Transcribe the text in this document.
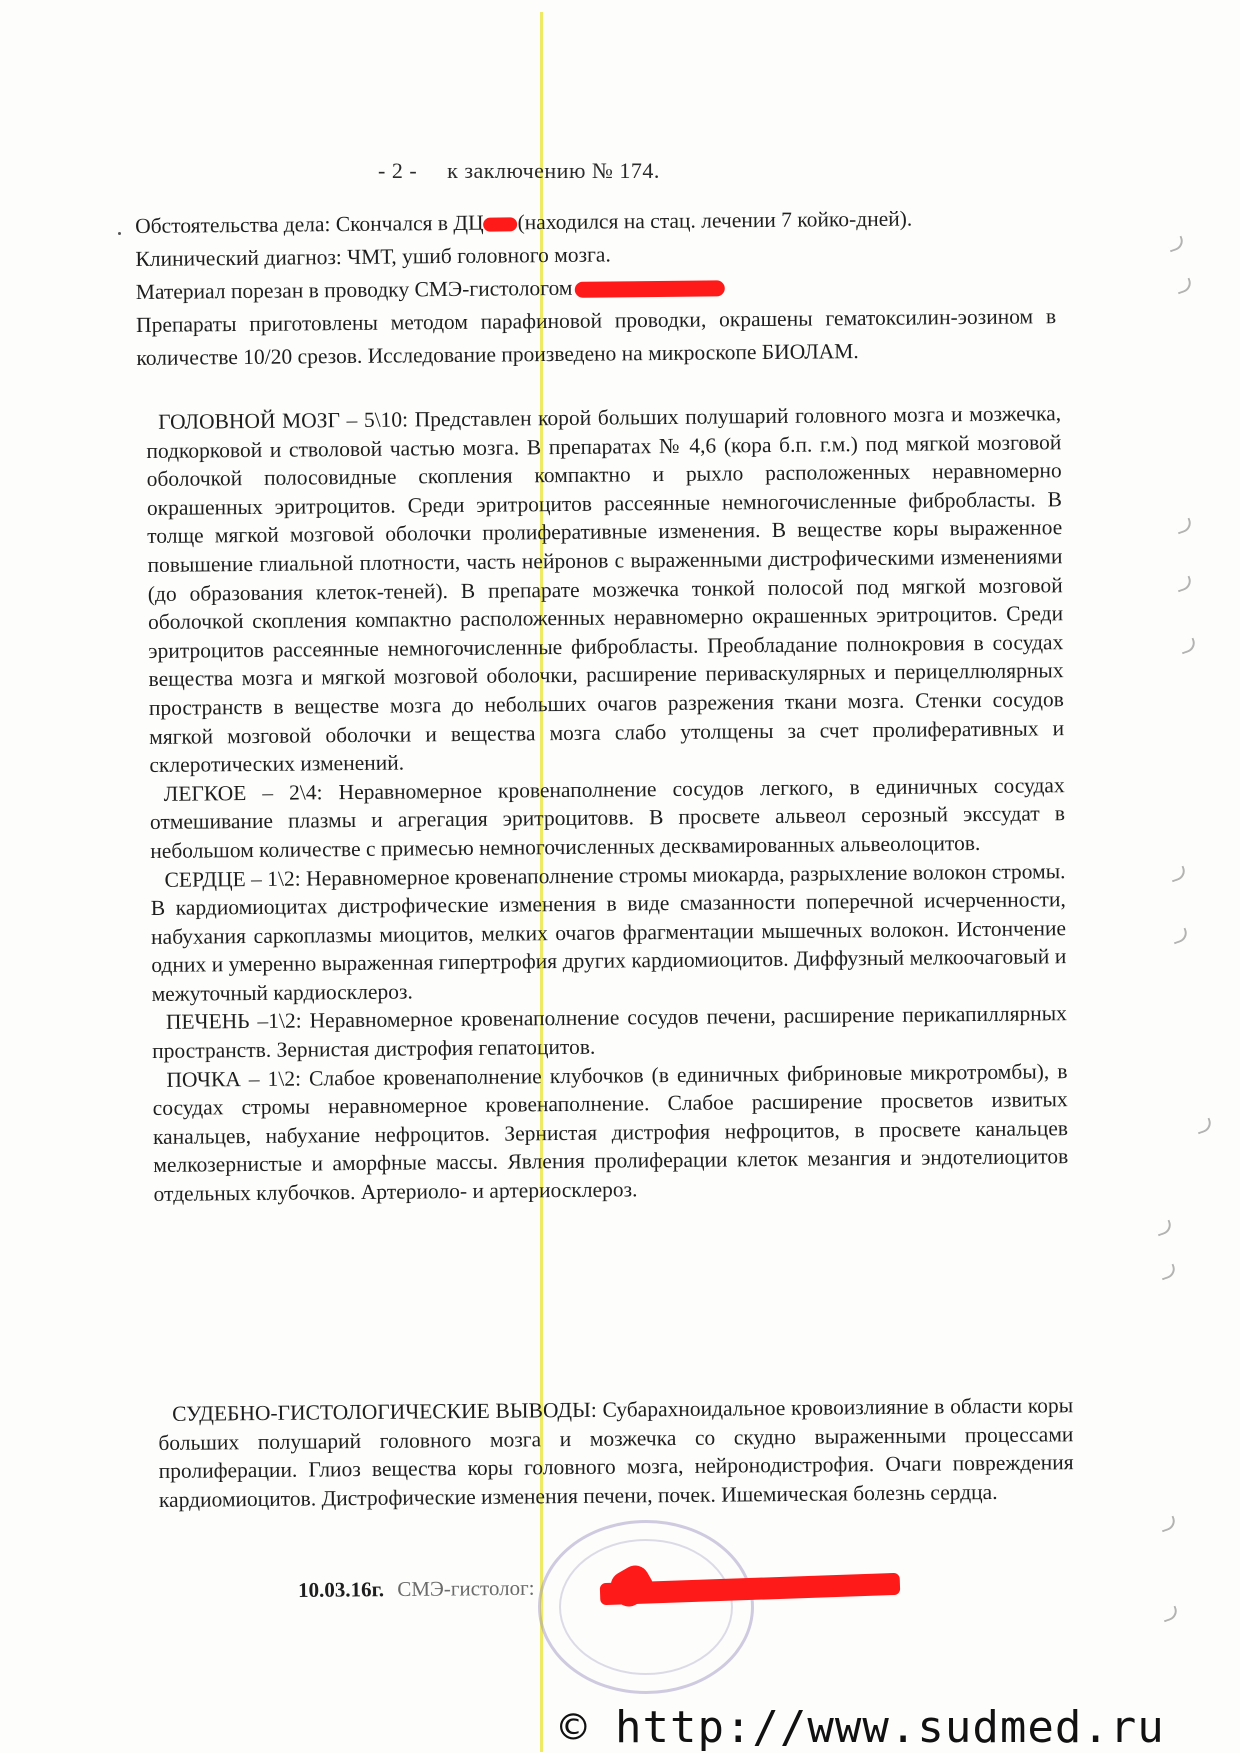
- 2 - к заключению № 174.

Обстоятельства дела: Скончался в ДЦ (находился на стац. лечении 7 койко-дней).

Клинический диагноз: ЧМТ, ушиб головного мозга.

Материал порезан в проводку СМЭ-гистологом

Препараты приготовлены методом парафиновой проводки, окрашены гематоксилин-эозином в количестве 10/20 срезов. Исследование произведено на микроскопе БИОЛАМ.

ГОЛОВНОЙ МОЗГ – 5\10: Представлен корой больших полушарий головного мозга и мозжечка, подкорковой и стволовой частью мозга. В препаратах № 4,6 (кора б.п. г.м.) под мягкой мозговой оболочкой полосовидные скопления компактно и рыхло расположенных неравномерно окрашенных эритроцитов. Среди эритроцитов рассеянные немногочисленные фибробласты. В толще мягкой мозговой оболочки пролиферативные изменения. В веществе коры выраженное повышение глиальной плотности, часть нейронов с выраженными дистрофическими изменениями (до образования клеток-теней). В препарате мозжечка тонкой полосой под мягкой мозговой оболочкой скопления компактно расположенных неравномерно окрашенных эритроцитов. Среди эритроцитов рассеянные немногочисленные фибробласты. Преобладание полнокровия в сосудах вещества мозга и мягкой мозговой оболочки, расширение периваскулярных и перицеллюлярных пространств в веществе мозга до небольших очагов разрежения ткани мозга. Стенки сосудов мягкой мозговой оболочки и вещества мозга слабо утолщены за счет пролиферативных и склеротических изменений.

ЛЕГКОЕ – 2\4: Неравномерное кровенаполнение сосудов легкого, в единичных сосудах отмешивание плазмы и агрегация эритроцитовв. В просвете альвеол серозный экссудат в небольшом количестве с примесью немногочисленных десквамированных альвеолоцитов.

СЕРДЦЕ – 1\2: Неравномерное кровенаполнение стромы миокарда, разрыхление волокон стромы. В кардиомиоцитах дистрофические изменения в виде смазанности поперечной исчерченности, набухания саркоплазмы миоцитов, мелких очагов фрагментации мышечных волокон. Истончение одних и умеренно выраженная гипертрофия других кардиомиоцитов. Диффузный мелкоочаговый и межуточный кардиосклероз.

ПЕЧЕНЬ –1\2: Неравномерное кровенаполнение сосудов печени, расширение перикапиллярных пространств. Зернистая дистрофия гепатоцитов.

ПОЧКА – 1\2: Слабое кровенаполнение клубочков (в единичных фибриновые микротромбы), в сосудах стромы неравномерное кровенаполнение. Слабое расширение просветов извитых канальцев, набухание нефроцитов. Зернистая дистрофия нефроцитов, в просвете канальцев мелкозернистые и аморфные массы. Явления пролиферации клеток мезангия и эндотелиоцитов отдельных клубочков. Артериоло- и артериосклероз.

СУДЕБНО-ГИСТОЛОГИЧЕСКИЕ ВЫВОДЫ: Субарахноидальное кровоизлияние в области коры больших полушарий головного мозга и мозжечка со скудно выраженными процессами пролиферации. Глиоз вещества коры головного мозга, нейронодистрофия. Очаги повреждения кардиомиоцитов. Дистрофические изменения печени, почек. Ишемическая болезнь сердца.

10.03.16г. СМЭ-гистолог:
© http://www.sudmed.ru
